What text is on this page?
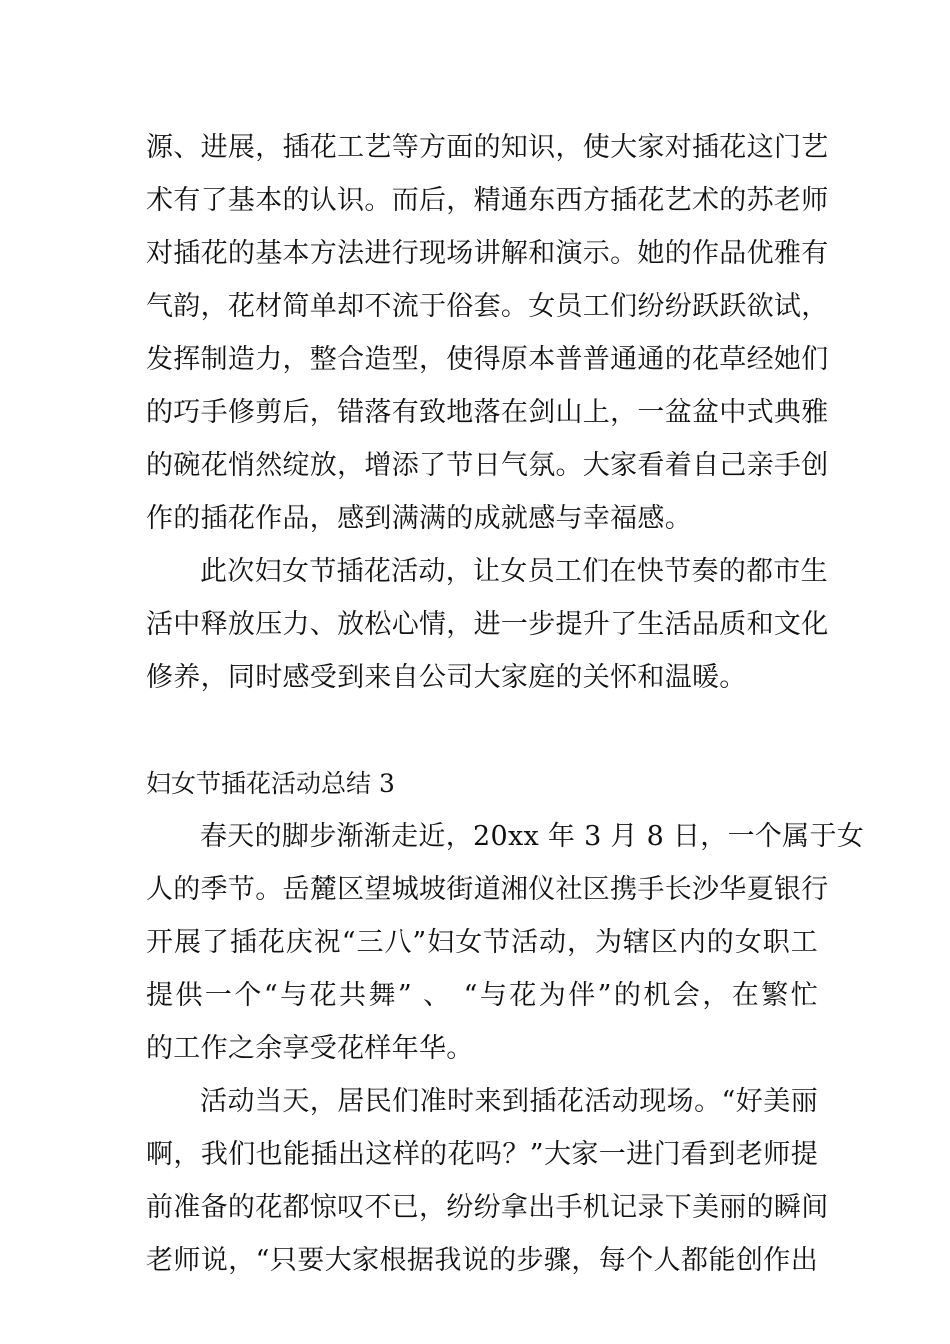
源、进展，插花工艺等方面的知识，使大家对插花这门艺
术有了基本的认识。而后，精通东西方插花艺术的苏老师
对插花的基本方法进行现场讲解和演示。她的作品优雅有
气韵，花材简单却不流于俗套。女员工们纷纷跃跃欲试，
发挥制造力，整合造型，使得原本普普通通的花草经她们
的巧手修剪后，错落有致地落在剑山上，一盆盆中式典雅
的碗花悄然绽放，增添了节日气氛。大家看着自己亲手创
作的插花作品，感到满满的成就感与幸福感。
此次妇女节插花活动，让女员工们在快节奏的都市生
活中释放压力、放松心情，进一步提升了生活品质和文化
修养，同时感受到来自公司大家庭的关怀和温暖。
妇女节插花活动总结 3
春天的脚步渐渐走近，20xx 年 3 月 8 日，一个属于女
人的季节。岳麓区望城坡街道湘仪社区携手长沙华夏银行
开展了插花庆祝“三八”妇女节活动，为辖区内的女职工
提供一个“与花共舞” 、 “与花为伴”的机会，在繁忙
的工作之余享受花样年华。
活动当天，居民们准时来到插花活动现场。“好美丽
啊，我们也能插出这样的花吗？”大家一进门看到老师提
前准备的花都惊叹不已，纷纷拿出手机记录下美丽的瞬间
老师说，“只要大家根据我说的步骤，每个人都能创作出
